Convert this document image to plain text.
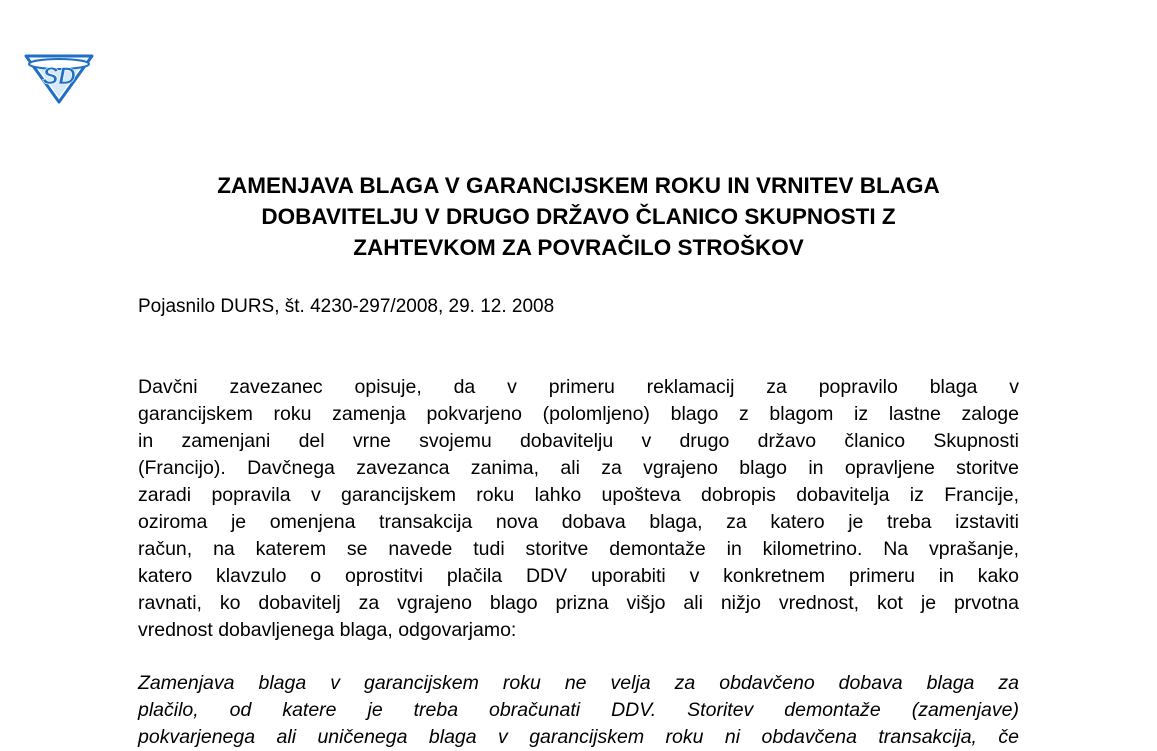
SD
ZAMENJAVA BLAGA V GARANCIJSKEM ROKU IN VRNITEV BLAGA
DOBAVITELJU V DRUGO DRŽAVO ČLANICO SKUPNOSTI Z
ZAHTEVKOM ZA POVRAČILO STROŠKOV

Pojasnilo DURS, št. 4230-297/2008, 29. 12. 2008

Davčni zavezanec opisuje, da v primeru reklamacij za popravilo blaga v
garancijskem roku zamenja pokvarjeno (polomljeno) blago z blagom iz lastne zaloge
in zamenjani del vrne svojemu dobavitelju v drugo državo članico Skupnosti
(Francijo). Davčnega zavezanca zanima, ali za vgrajeno blago in opravljene storitve
zaradi popravila v garancijskem roku lahko upošteva dobropis dobavitelja iz Francije,
oziroma je omenjena transakcija nova dobava blaga, za katero je treba izstaviti
račun, na katerem se navede tudi storitve demontaže in kilometrino. Na vprašanje,
katero klavzulo o oprostitvi plačila DDV uporabiti v konkretnem primeru in kako
ravnati, ko dobavitelj za vgrajeno blago prizna višjo ali nižjo vrednost, kot je prvotna
vrednost dobavljenega blaga, odgovarjamo:
Zamenjava blaga v garancijskem roku ne velja za obdavčeno dobava blaga za
plačilo, od katere je treba obračunati DDV. Storitev demontaže (zamenjave)
pokvarjenega ali uničenega blaga v garancijskem roku ni obdavčena transakcija, če
